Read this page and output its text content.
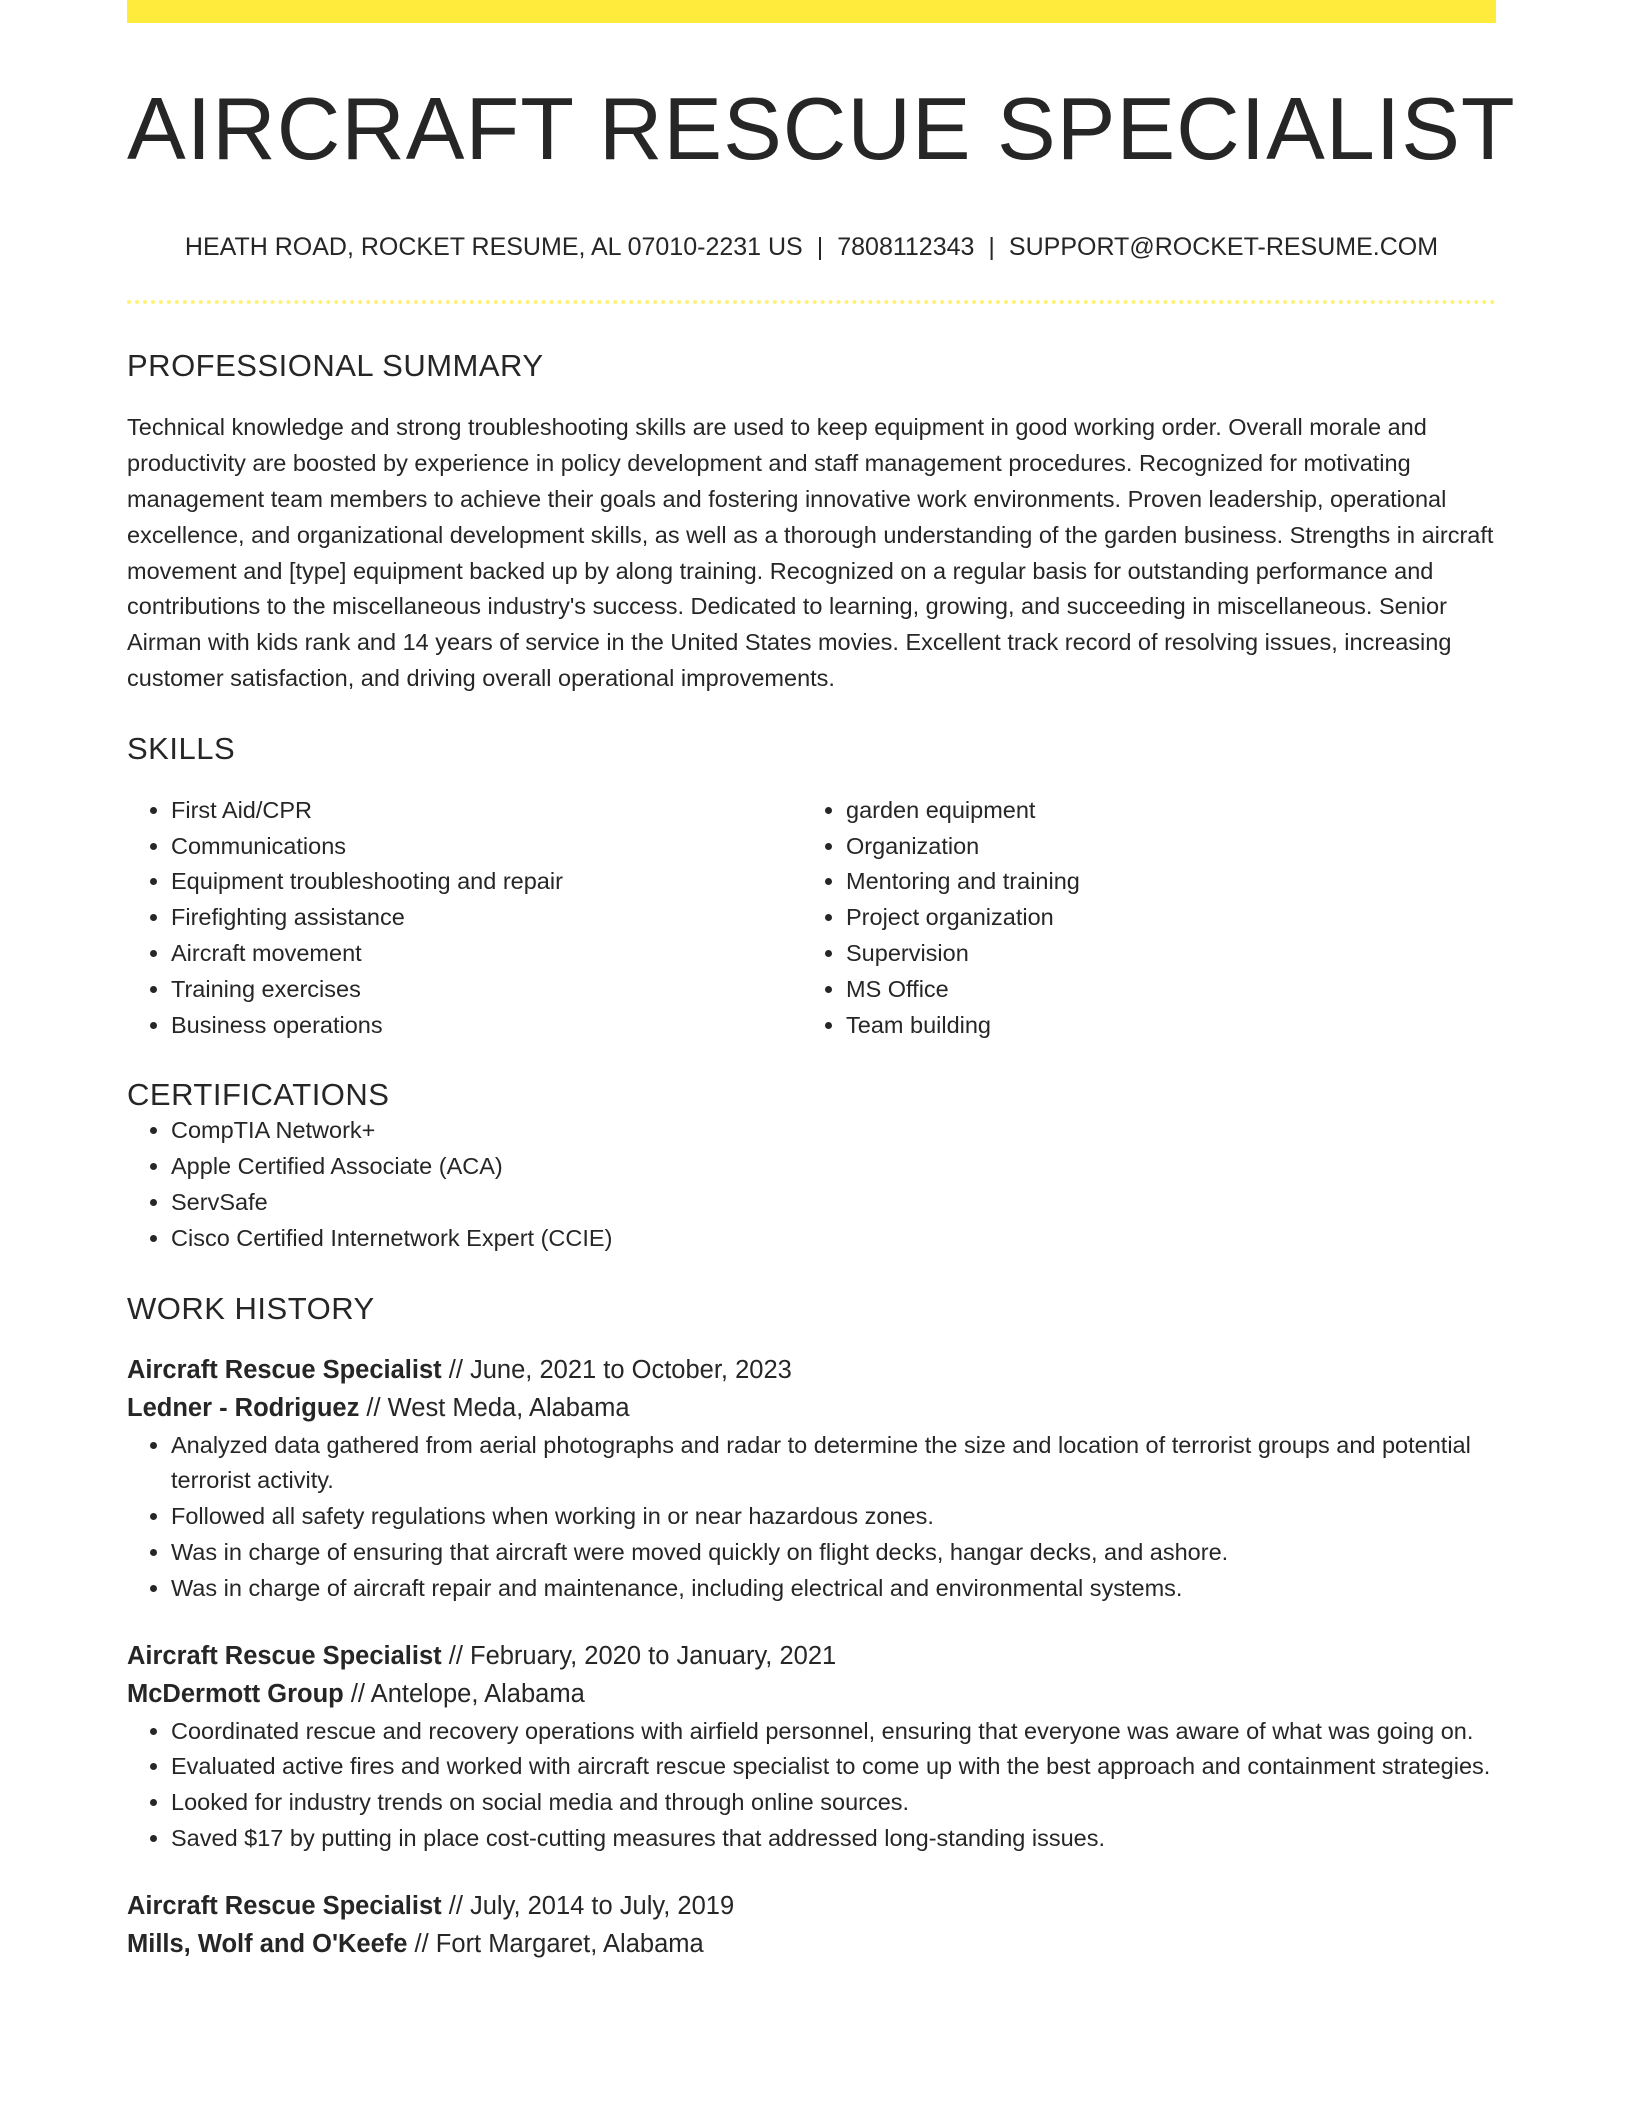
AIRCRAFT RESCUE SPECIALIST
HEATH ROAD, ROCKET RESUME, AL 07010-2231 US | 7808112343 | SUPPORT@ROCKET-RESUME.COM
PROFESSIONAL SUMMARY

Technical knowledge and strong troubleshooting skills are used to keep equipment in good working order. Overall morale and productivity are boosted by experience in policy development and staff management procedures. Recognized for motivating management team members to achieve their goals and fostering innovative work environments. Proven leadership, operational excellence, and organizational development skills, as well as a thorough understanding of the garden business. Strengths in aircraft movement and [type] equipment backed up by along training. Recognized on a regular basis for outstanding performance and contributions to the miscellaneous industry's success. Dedicated to learning, growing, and succeeding in miscellaneous. Senior Airman with kids rank and 14 years of service in the United States movies. Excellent track record of resolving issues, increasing customer satisfaction, and driving overall operational improvements.

SKILLS
• First Aid/CPR
• Communications
• Equipment troubleshooting and repair
• Firefighting assistance
• Aircraft movement
• Training exercises
• Business operations
• garden equipment
• Organization
• Mentoring and training
• Project organization
• Supervision
• MS Office
• Team building
CERTIFICATIONS
• CompTIA Network+
• Apple Certified Associate (ACA)
• ServSafe
• Cisco Certified Internetwork Expert (CCIE)
WORK HISTORY
Aircraft Rescue Specialist // June, 2021 to October, 2023
Ledner - Rodriguez // West Meda, Alabama
• Analyzed data gathered from aerial photographs and radar to determine the size and location of terrorist groups and potential terrorist activity.
• Followed all safety regulations when working in or near hazardous zones.
• Was in charge of ensuring that aircraft were moved quickly on flight decks, hangar decks, and ashore.
• Was in charge of aircraft repair and maintenance, including electrical and environmental systems.
Aircraft Rescue Specialist // February, 2020 to January, 2021
McDermott Group // Antelope, Alabama
• Coordinated rescue and recovery operations with airfield personnel, ensuring that everyone was aware of what was going on.
• Evaluated active fires and worked with aircraft rescue specialist to come up with the best approach and containment strategies.
• Looked for industry trends on social media and through online sources.
• Saved $17 by putting in place cost-cutting measures that addressed long-standing issues.
Aircraft Rescue Specialist // July, 2014 to July, 2019
Mills, Wolf and O'Keefe // Fort Margaret, Alabama
